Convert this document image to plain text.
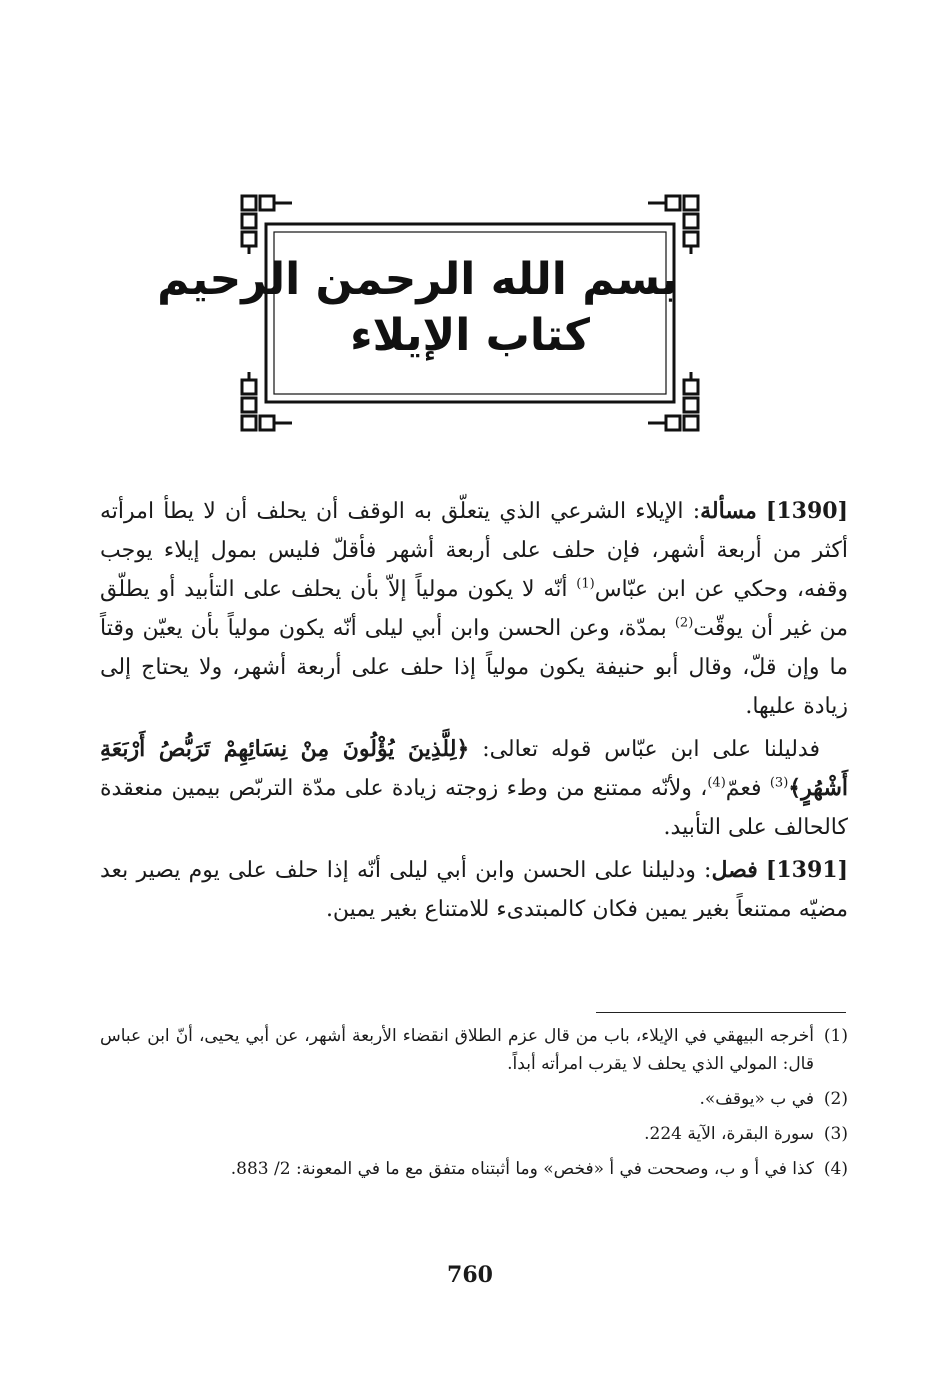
بسم الله الرحمن الرحيم
كتاب الإيلاء

[1390] مسألة: الإيلاء الشرعي الذي يتعلّق به الوقف أن يحلف أن لا يطأ امرأته أكثر من أربعة أشهر، فإن حلف على أربعة أشهر فأقلّ فليس بمول إيلاء يوجب وقفه، وحكي عن ابن عبّاس$^{(1)}$ أنّه لا يكون مولياً إلاّ بأن يحلف على التأبيد أو يطلّق من غير أن يوقّت$^{(2)}$ بمدّة، وعن الحسن وابن أبي ليلى أنّه يكون مولياً بأن يعيّن وقتاً ما وإن قلّ، وقال أبو حنيفة يكون مولياً إذا حلف على أربعة أشهر، ولا يحتاج إلى زيادة عليها.

فدليلنا على ابن عبّاس قوله تعالى: ﴿لِلَّذِينَ يُؤْلُونَ مِنْ نِسَائِهِمْ تَرَبُّصُ أَرْبَعَةِ أَشْهُرٍ﴾$^{(3)}$ فعمّ$^{(4)}$، ولأنّه ممتنع من وطء زوجته زيادة على مدّة التربّص بيمين منعقدة كالحالف على التأبيد.

[1391] فصل: ودليلنا على الحسن وابن أبي ليلى أنّه إذا حلف على يوم يصير بعد مضيّه ممتنعاً بغير يمين فكان كالمبتدىء للامتناع بغير يمين.

(1)
أخرجه البيهقي في الإيلاء، باب من قال عزم الطلاق انقضاء الأربعة أشهر، عن أبي يحيى، أنّ ابن عباس قال: المولي الذي يحلف لا يقرب امرأته أبداً.
(2)
في ب «يوقف».
(3)
سورة البقرة، الآية 224.
(4)
كذا في أ و ب، وصححت في أ «فخص» وما أثبتناه متفق مع ما في المعونة: 2/ 883.
760
